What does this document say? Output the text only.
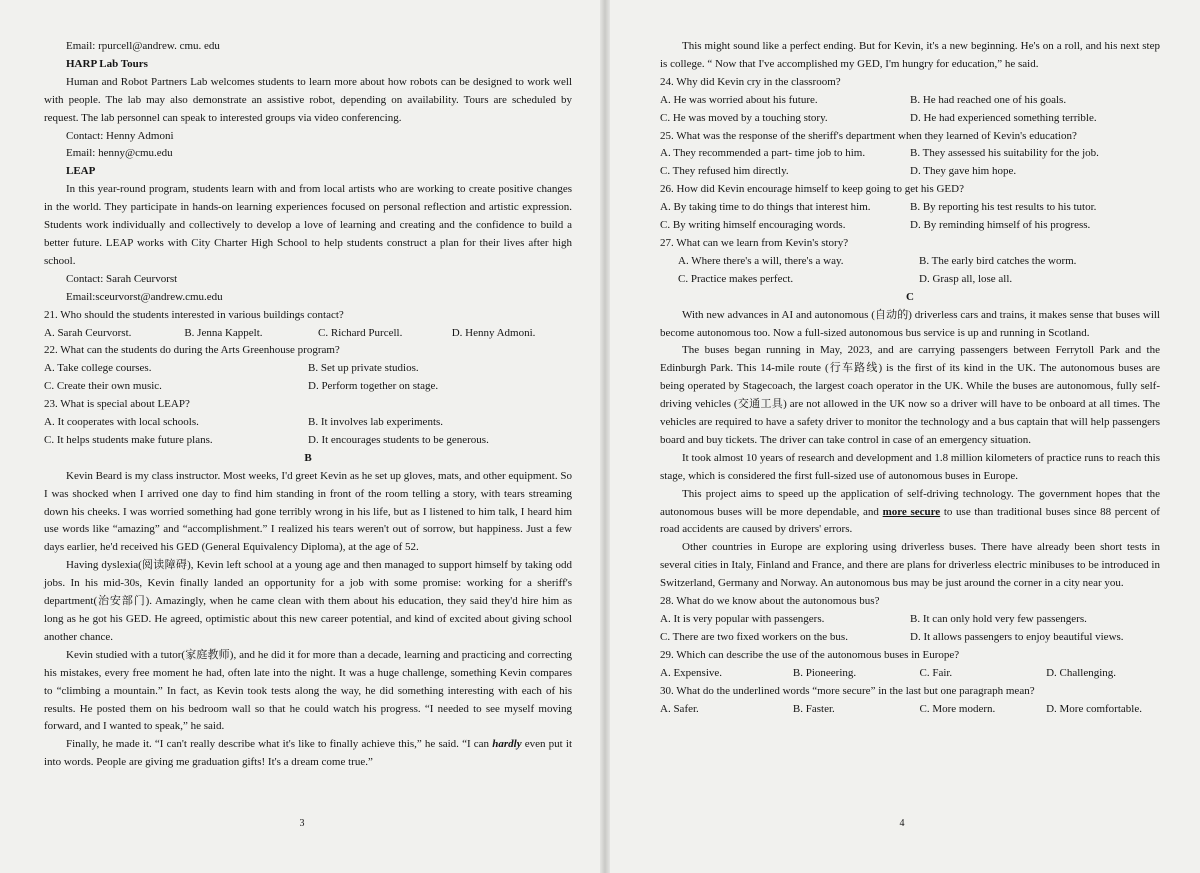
Email: rpurcell@andrew. cmu. edu

HARP Lab Tours

Human and Robot Partners Lab welcomes students to learn more about how robots can be designed to work well with people. The lab may also demonstrate an assistive robot, depending on availability. Tours are scheduled by request. The lab personnel can speak to interested groups via video conferencing.

Contact: Henny Admoni

Email: henny@cmu.edu

LEAP

In this year-round program, students learn with and from local artists who are working to create positive changes in the world. They participate in hands-on learning experiences focused on personal reflection and artistic expression. Students work individually and collectively to develop a love of learning and creating and the confidence to build a better future. LEAP works with City Charter High School to help students construct a plan for their lives after high school.

Contact: Sarah Ceurvorst

Email:sceurvorst@andrew.cmu.edu

21. Who should the students interested in various buildings contact?

A. Sarah Ceurvorst.	B. Jenna Kappelt.	C. Richard Purcell.	D. Henny Admoni.

22. What can the students do during the Arts Greenhouse program?

A. Take college courses.	B. Set up private studios.
C. Create their own music.	D. Perform together on stage.

23. What is special about LEAP?

A. It cooperates with local schools.	B. It involves lab experiments.
C. It helps students make future plans.	D. It encourages students to be generous.

B

Kevin Beard is my class instructor. Most weeks, I'd greet Kevin as he set up gloves, mats, and other equipment. So I was shocked when I arrived one day to find him standing in front of the room telling a story, with tears streaming down his cheeks. I was worried something had gone terribly wrong in his life, but as I listened to him talk, I heard him use words like “amazing” and “accomplishment.” I realized his tears weren't out of sorrow, but happiness. Just a few days earlier, he'd received his GED (General Equivalency Diploma), at the age of 52.

Having dyslexia(阅读障碍), Kevin left school at a young age and then managed to support himself by taking odd jobs. In his mid-30s, Kevin finally landed an opportunity for a job with some promise: working for a sheriff's department(治安部门). Amazingly, when he came clean with them about his education, they said they'd hire him as long as he got his GED. He agreed, optimistic about this new career potential, and kind of excited about giving school another chance.

Kevin studied with a tutor(家庭教师), and he did it for more than a decade, learning and practicing and correcting his mistakes, every free moment he had, often late into the night. It was a huge challenge, something Kevin compares to “climbing a mountain.” In fact, as Kevin took tests along the way, he did something interesting with each of his results. He posted them on his bedroom wall so that he could watch his progress. “I needed to see myself moving forward, and I wanted to speak,” he said.

Finally, he made it. “I can't really describe what it's like to finally achieve this,” he said. “I can hardly even put it into words. People are giving me graduation gifts! It's a dream come true.”

3

This might sound like a perfect ending. But for Kevin, it's a new beginning. He's on a roll, and his next step is college. “ Now that I've accomplished my GED, I'm hungry for education,” he said.

24. Why did Kevin cry in the classroom?

A. He was worried about his future.	B. He had reached one of his goals.
C. He was moved by a touching story.	D. He had experienced something terrible.

25. What was the response of the sheriff's department when they learned of Kevin's education?

A. They recommended a part- time job to him.	B. They assessed his suitability for the job.
C. They refused him directly.	D. They gave him hope.

26. How did Kevin encourage himself to keep going to get his GED?

A. By taking time to do things that interest him.	B. By reporting his test results to his tutor.
C. By writing himself encouraging words.	D. By reminding himself of his progress.

27. What can we learn from Kevin's story?

A. Where there's a will, there's a way.	B. The early bird catches the worm.
C. Practice makes perfect.	D. Grasp all, lose all.

C

With new advances in AI and autonomous (自动的) driverless cars and trains, it makes sense that buses will become autonomous too. Now a full-sized autonomous bus service is up and running in Scotland.

The buses began running in May, 2023, and are carrying passengers between Ferrytoll Park and the Edinburgh Park. This 14-mile route (行车路线) is the first of its kind in the UK. The autonomous buses are being operated by Stagecoach, the largest coach operator in the UK. While the buses are autonomous, fully self-driving vehicles (交通工具) are not allowed in the UK now so a driver will have to be onboard at all times. The vehicles are required to have a safety driver to monitor the technology and a bus captain that will help passengers board and buy tickets. The driver can take control in case of an emergency situation.

It took almost 10 years of research and development and 1.8 million kilometers of practice runs to reach this stage, which is considered the first full-sized use of autonomous buses in Europe.

This project aims to speed up the application of self-driving technology. The government hopes that the autonomous buses will be more dependable, and more secure to use than traditional buses since 88 percent of road accidents are caused by drivers' errors.

Other countries in Europe are exploring using driverless buses. There have already been short tests in several cities in Italy, Finland and France, and there are plans for driverless electric minibuses to be introduced in Switzerland, Germany and Norway. An autonomous bus may be just around the corner in a city near you.

28. What do we know about the autonomous bus?

A. It is very popular with passengers.	B. It can only hold very few passengers.
C. There are two fixed workers on the bus.	D. It allows passengers to enjoy beautiful views.

29. Which can describe the use of the autonomous buses in Europe?

A. Expensive.	B. Pioneering.	C. Fair.	D. Challenging.

30. What do the underlined words “more secure” in the last but one paragraph mean?

A. Safer.	B. Faster.	C. More modern.	D. More comfortable.
4
